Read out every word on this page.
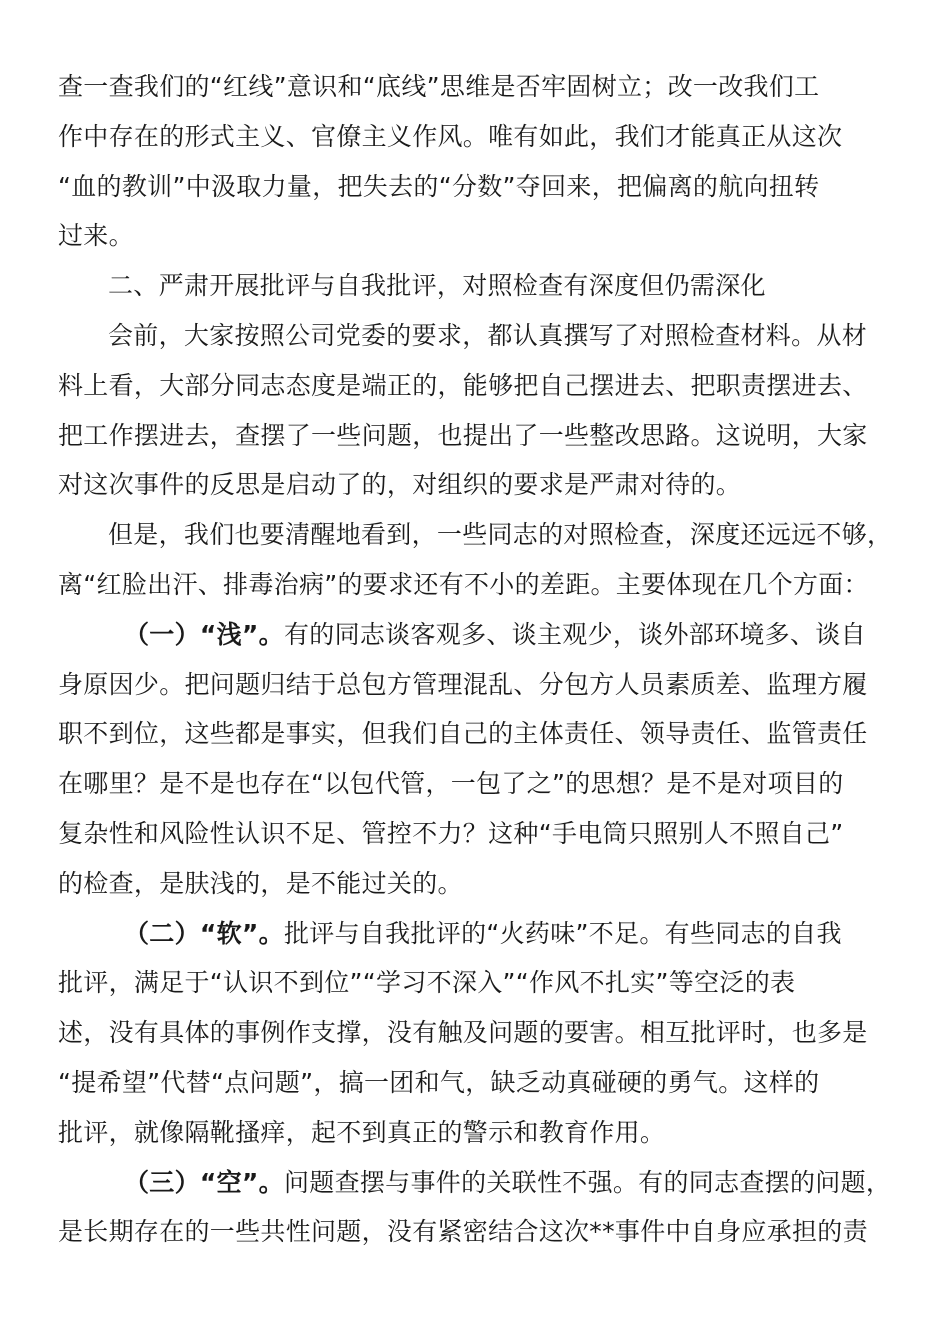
查一查我们的“红线”意识和“底线”思维是否牢固树立；改一改我们工
作中存在的形式主义、官僚主义作风。唯有如此，我们才能真正从这次
“血的教训”中汲取力量，把失去的“分数”夺回来，把偏离的航向扭转
过来。
二、严肃开展批评与自我批评，对照检查有深度但仍需深化
会前，大家按照公司党委的要求，都认真撰写了对照检查材料。从材
料上看，大部分同志态度是端正的，能够把自己摆进去、把职责摆进去、
把工作摆进去，查摆了一些问题，也提出了一些整改思路。这说明，大家
对这次事件的反思是启动了的，对组织的要求是严肃对待的。
但是，我们也要清醒地看到，一些同志的对照检查，深度还远远不够，
离“红脸出汗、排毒治病”的要求还有不小的差距。主要体现在几个方面：
（一）“浅”。有的同志谈客观多、谈主观少，谈外部环境多、谈自
身原因少。把问题归结于总包方管理混乱、分包方人员素质差、监理方履
职不到位，这些都是事实，但我们自己的主体责任、领导责任、监管责任
在哪里？是不是也存在“以包代管，一包了之”的思想？是不是对项目的
复杂性和风险性认识不足、管控不力？这种“手电筒只照别人不照自己”
的检查，是肤浅的，是不能过关的。
（二）“软”。批评与自我批评的“火药味”不足。有些同志的自我
批评，满足于“认识不到位”“学习不深入”“作风不扎实”等空泛的表
述，没有具体的事例作支撑，没有触及问题的要害。相互批评时，也多是
“提希望”代替“点问题”，搞一团和气，缺乏动真碰硬的勇气。这样的
批评，就像隔靴搔痒，起不到真正的警示和教育作用。
（三）“空”。问题查摆与事件的关联性不强。有的同志查摆的问题，
是长期存在的一些共性问题，没有紧密结合这次**事件中自身应承担的责
